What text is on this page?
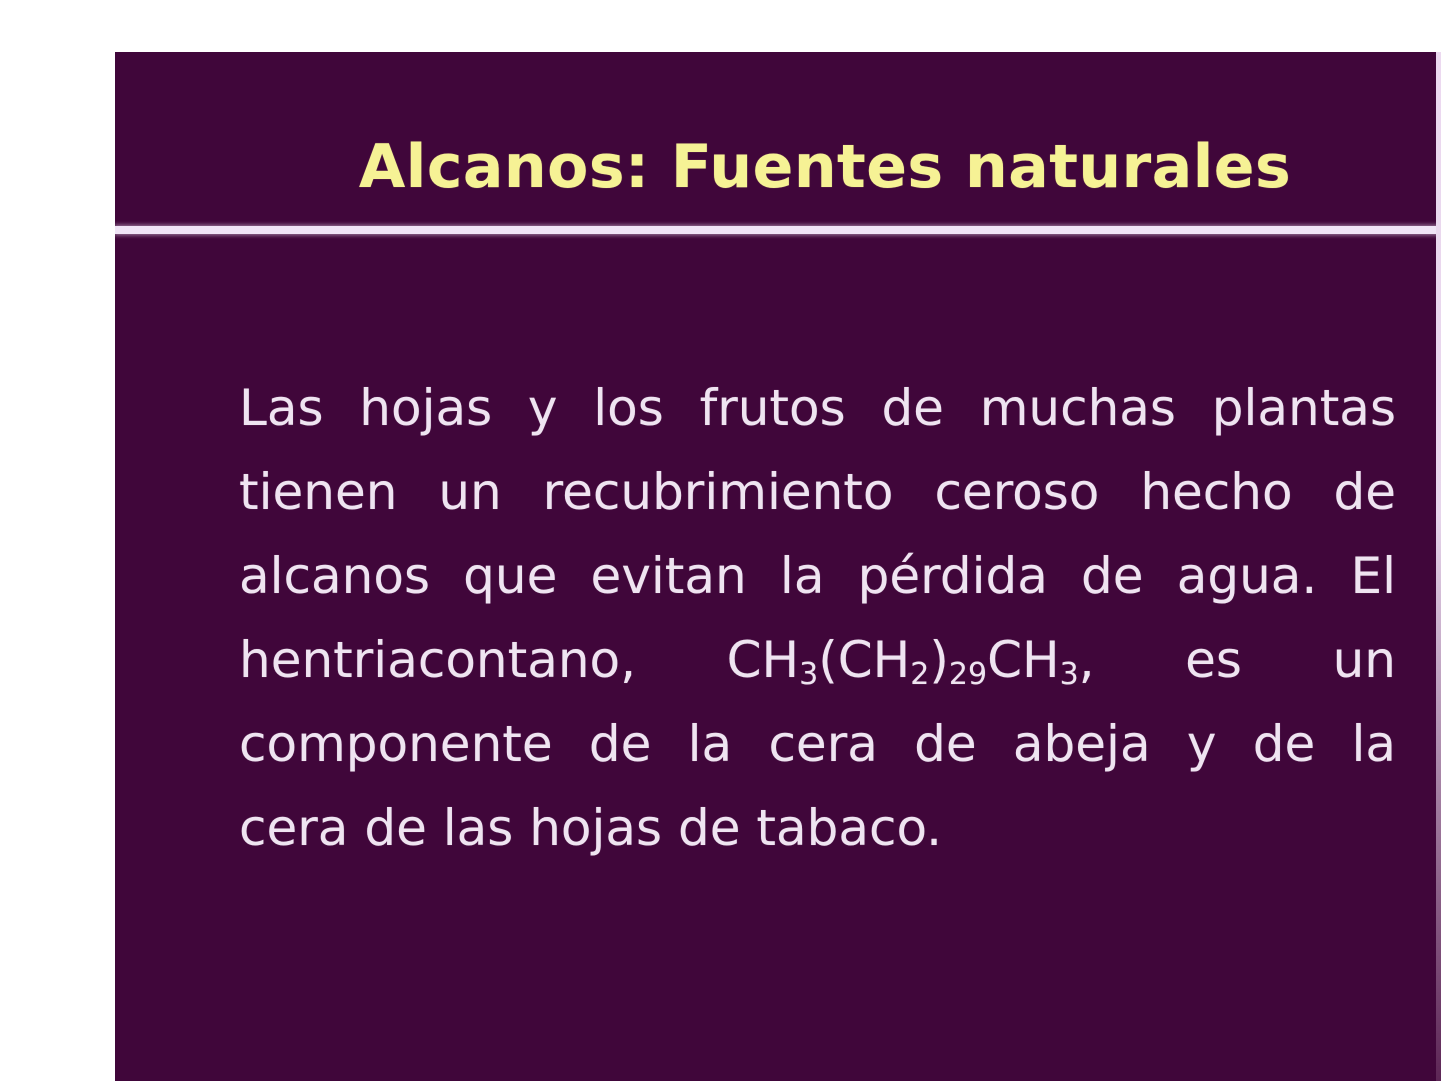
Alcanos: Fuentes naturales
Las hojas y los frutos de muchas plantas
tienen un recubrimiento ceroso hecho de
alcanos que evitan la pérdida de agua. El
hentriacontano, $CH_3(CH_2)_{29}CH_3$, es un
componente de la cera de abeja y de la
cera de las hojas de tabaco.
